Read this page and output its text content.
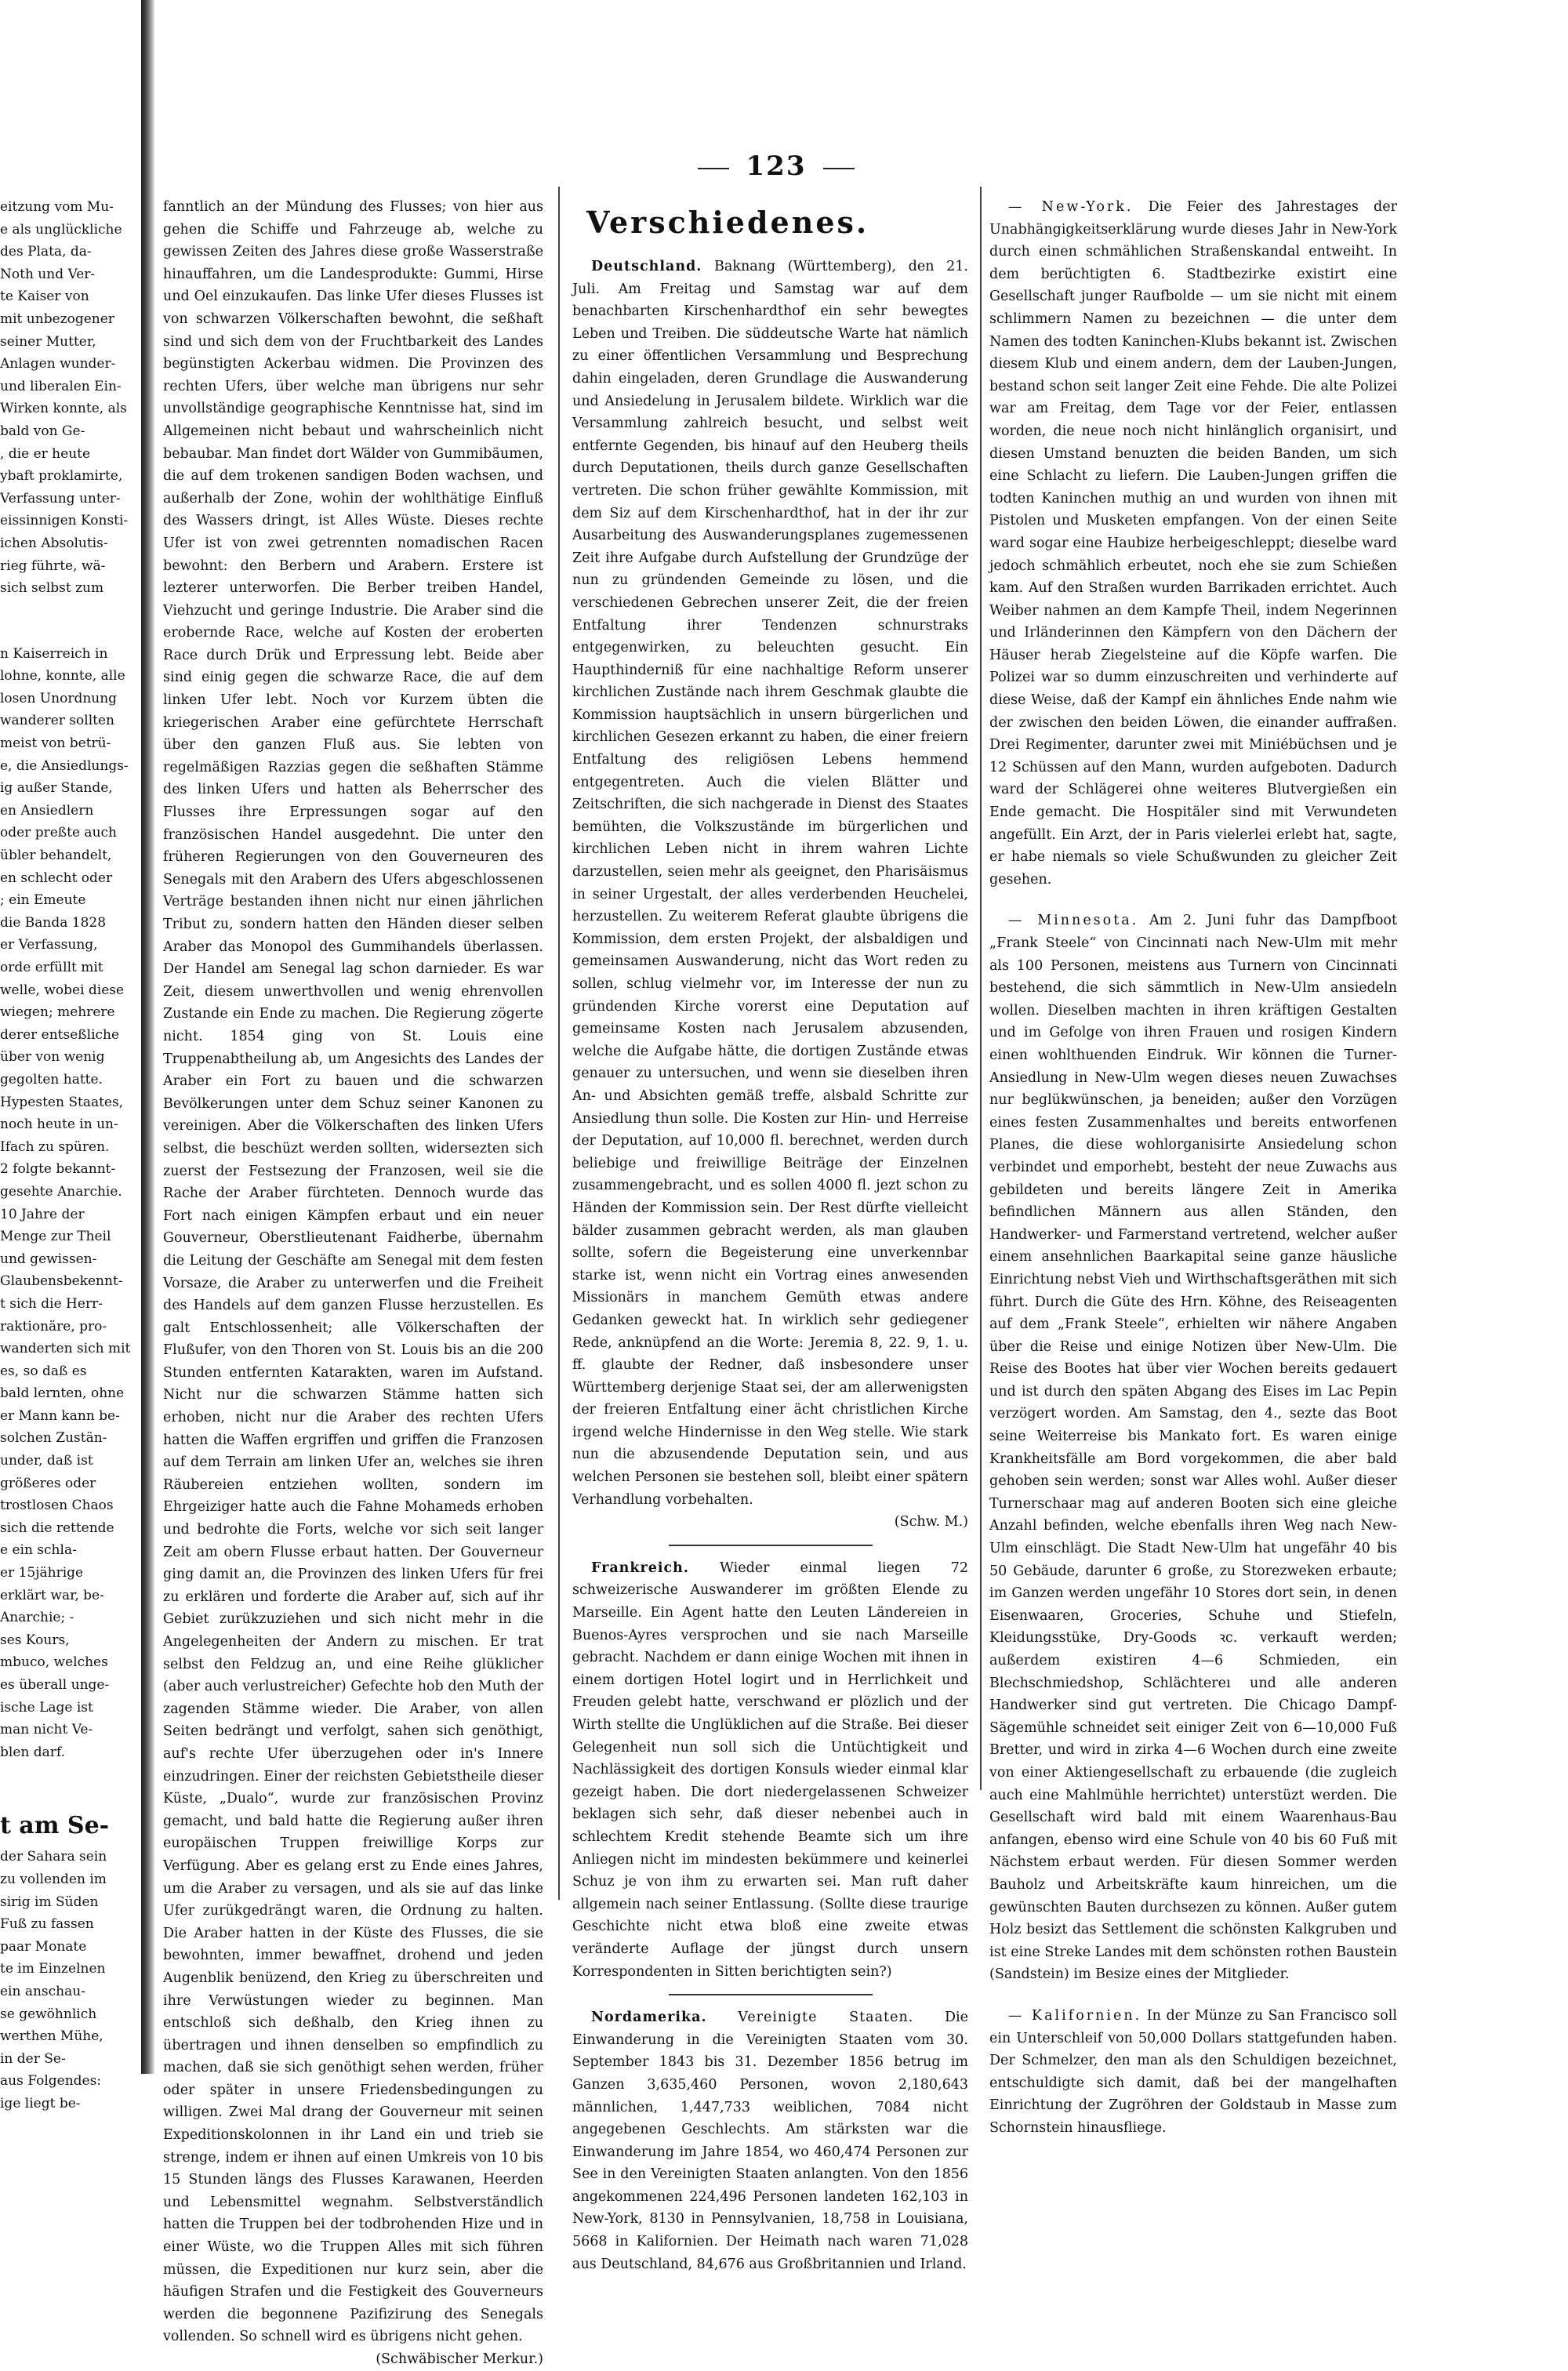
123
eitzung vom Mu-
e als unglückliche
des Plata, da-
Noth und Ver-
te Kaiser von
mit unbezogener
seiner Mutter,
Anlagen wunder-
und liberalen Ein-
Wirken konnte, als
bald von Ge-
, die er heute
ybaft proklamirte,
Verfassung unter-
eissinnigen Konsti-
ichen Absolutis-
rieg führte, wä-
sich selbst zum
n Kaiserreich in
lohne, konnte, alle
losen Unordnung
wanderer sollten
meist von betrü-
e, die Ansiedlungs-
ig außer Stande,
en Ansiedlern
oder preßte auch
übler behandelt,
en schlecht oder
; ein Emeute
die Banda 1828
er Verfassung,
orde erfüllt mit
welle, wobei diese
wiegen; mehrere
derer entseßliche
über von wenig
gegolten hatte.
Hypesten Staates,
noch heute in un-
Ifach zu spüren.
2 folgte bekannt-
gesehte Anarchie.
10 Jahre der
Menge zur Theil
und gewissen-
Glaubensbekennt-
t sich die Herr-
raktionäre, pro-
wanderten sich mit
es, so daß es
bald lernten, ohne
er Mann kann be-
solchen Zustän-
under, daß ist
größeres oder
trostlosen Chaos
sich die rettende
e ein schla-
er 15jährige
erklärt war, be-
Anarchie; -
ses Kours,
mbuco, welches
es überall unge-
ische Lage ist
man nicht Ve-
blen darf.
t am Se-
der Sahara sein
zu vollenden im
sirig im Süden
Fuß zu fassen
paar Monate
te im Einzelnen
ein anschau-
se gewöhnlich
werthen Mühe,
in der Se-
aus Folgendes:
ige liegt be-

fanntlich an der Mündung des Flusses; von hier aus gehen die Schiffe und Fahrzeuge ab, welche zu gewissen Zeiten des Jahres diese große Wasserstraße hinauffahren, um die Landesprodukte: Gummi, Hirse und Oel einzukaufen. Das linke Ufer dieses Flusses ist von schwarzen Völkerschaften bewohnt, die seßhaft sind und sich dem von der Fruchtbarkeit des Landes begünstigten Ackerbau widmen. Die Provinzen des rechten Ufers, über welche man übrigens nur sehr unvollständige geographische Kenntnisse hat, sind im Allgemeinen nicht bebaut und wahrscheinlich nicht bebaubar. Man findet dort Wälder von Gummibäumen, die auf dem trokenen sandigen Boden wachsen, und außerhalb der Zone, wohin der wohlthätige Einfluß des Wassers dringt, ist Alles Wüste. Dieses rechte Ufer ist von zwei getrennten nomadischen Racen bewohnt: den Berbern und Arabern. Erstere ist lezterer unterworfen. Die Berber treiben Handel, Viehzucht und geringe Industrie. Die Araber sind die erobernde Race, welche auf Kosten der eroberten Race durch Drük und Erpressung lebt. Beide aber sind einig gegen die schwarze Race, die auf dem linken Ufer lebt. Noch vor Kurzem übten die kriegerischen Araber eine gefürchtete Herrschaft über den ganzen Fluß aus. Sie lebten von regelmäßigen Razzias gegen die seßhaften Stämme des linken Ufers und hatten als Beherrscher des Flusses ihre Erpressungen sogar auf den französischen Handel ausgedehnt. Die unter den früheren Regierungen von den Gouverneuren des Senegals mit den Arabern des Ufers abgeschlossenen Verträge bestanden ihnen nicht nur einen jährlichen Tribut zu, sondern hatten den Händen dieser selben Araber das Monopol des Gummihandels überlassen. Der Handel am Senegal lag schon darnieder. Es war Zeit, diesem unwerthvollen und wenig ehrenvollen Zustande ein Ende zu machen. Die Regierung zögerte nicht. 1854 ging von St. Louis eine Truppenabtheilung ab, um Angesichts des Landes der Araber ein Fort zu bauen und die schwarzen Bevölkerungen unter dem Schuz seiner Kanonen zu vereinigen. Aber die Völkerschaften des linken Ufers selbst, die beschüzt werden sollten, widersezten sich zuerst der Festsezung der Franzosen, weil sie die Rache der Araber fürchteten. Dennoch wurde das Fort nach einigen Kämpfen erbaut und ein neuer Gouverneur, Oberstlieutenant Faidherbe, übernahm die Leitung der Geschäfte am Senegal mit dem festen Vorsaze, die Araber zu unterwerfen und die Freiheit des Handels auf dem ganzen Flusse herzustellen. Es galt Entschlossenheit; alle Völkerschaften der Flußufer, von den Thoren von St. Louis bis an die 200 Stunden entfernten Katarakten, waren im Aufstand. Nicht nur die schwarzen Stämme hatten sich erhoben, nicht nur die Araber des rechten Ufers hatten die Waffen ergriffen und griffen die Franzosen auf dem Terrain am linken Ufer an, welches sie ihren Räubereien entziehen wollten, sondern im Ehrgeiziger hatte auch die Fahne Mohameds erhoben und bedrohte die Forts, welche vor sich seit langer Zeit am obern Flusse erbaut hatten. Der Gouverneur ging damit an, die Provinzen des linken Ufers für frei zu erklären und forderte die Araber auf, sich auf ihr Gebiet zurükzuziehen und sich nicht mehr in die Angelegenheiten der Andern zu mischen. Er trat selbst den Feldzug an, und eine Reihe glüklicher (aber auch verlustreicher) Gefechte hob den Muth der zagenden Stämme wieder. Die Araber, von allen Seiten bedrängt und verfolgt, sahen sich genöthigt, auf's rechte Ufer überzugehen oder in's Innere einzudringen. Einer der reichsten Gebietstheile dieser Küste, „Dualo“, wurde zur französischen Provinz gemacht, und bald hatte die Regierung außer ihren europäischen Truppen freiwillige Korps zur Verfügung. Aber es gelang erst zu Ende eines Jahres, um die Araber zu versagen, und als sie auf das linke Ufer zurükgedrängt waren, die Ordnung zu halten. Die Araber hatten in der Küste des Flusses, die sie bewohnten, immer bewaffnet, drohend und jeden Augenblik benüzend, den Krieg zu überschreiten und ihre Verwüstungen wieder zu beginnen. Man entschloß sich deßhalb, den Krieg ihnen zu übertragen und ihnen denselben so empfindlich zu machen, daß sie sich genöthigt sehen werden, früher oder später in unsere Friedensbedingungen zu willigen. Zwei Mal drang der Gouverneur mit seinen Expeditionskolonnen in ihr Land ein und trieb sie strenge, indem er ihnen auf einen Umkreis von 10 bis 15 Stunden längs des Flusses Karawanen, Heerden und Lebensmittel wegnahm. Selbstverständlich hatten die Truppen bei der todbrohenden Hize und in einer Wüste, wo die Truppen Alles mit sich führen müssen, die Expeditionen nur kurz sein, aber die häufigen Strafen und die Festigkeit des Gouverneurs werden die begonnene Pazifizirung des Senegals vollenden. So schnell wird es übrigens nicht gehen.

(Schwäbischer Merkur.)

Verschiedenes.

Deutschland. Baknang (Württemberg), den 21. Juli. Am Freitag und Samstag war auf dem benachbarten Kirschenhardthof ein sehr bewegtes Leben und Treiben. Die süddeutsche Warte hat nämlich zu einer öffentlichen Versammlung und Besprechung dahin eingeladen, deren Grundlage die Auswanderung und Ansiedelung in Jerusalem bildete. Wirklich war die Versammlung zahlreich besucht, und selbst weit entfernte Gegenden, bis hinauf auf den Heuberg theils durch Deputationen, theils durch ganze Gesellschaften vertreten. Die schon früher gewählte Kommission, mit dem Siz auf dem Kirschenhardthof, hat in der ihr zur Ausarbeitung des Auswanderungsplanes zugemessenen Zeit ihre Aufgabe durch Aufstellung der Grundzüge der nun zu gründenden Gemeinde zu lösen, und die verschiedenen Gebrechen unserer Zeit, die der freien Entfaltung ihrer Tendenzen schnurstraks entgegenwirken, zu beleuchten gesucht. Ein Haupthinderniß für eine nachhaltige Reform unserer kirchlichen Zustände nach ihrem Geschmak glaubte die Kommission hauptsächlich in unsern bürgerlichen und kirchlichen Gesezen erkannt zu haben, die einer freiern Entfaltung des religiösen Lebens hemmend entgegentreten. Auch die vielen Blätter und Zeitschriften, die sich nachgerade in Dienst des Staates bemühten, die Volkszustände im bürgerlichen und kirchlichen Leben nicht in ihrem wahren Lichte darzustellen, seien mehr als geeignet, den Pharisäismus in seiner Urgestalt, der alles verderbenden Heuchelei, herzustellen. Zu weiterem Referat glaubte übrigens die Kommission, dem ersten Projekt, der alsbaldigen und gemeinsamen Auswanderung, nicht das Wort reden zu sollen, schlug vielmehr vor, im Interesse der nun zu gründenden Kirche vorerst eine Deputation auf gemeinsame Kosten nach Jerusalem abzusenden, welche die Aufgabe hätte, die dortigen Zustände etwas genauer zu untersuchen, und wenn sie dieselben ihren An- und Absichten gemäß treffe, alsbald Schritte zur Ansiedlung thun solle. Die Kosten zur Hin- und Herreise der Deputation, auf 10,000 fl. berechnet, werden durch beliebige und freiwillige Beiträge der Einzelnen zusammengebracht, und es sollen 4000 fl. jezt schon zu Händen der Kommission sein. Der Rest dürfte vielleicht bälder zusammen gebracht werden, als man glauben sollte, sofern die Begeisterung eine unverkennbar starke ist, wenn nicht ein Vortrag eines anwesenden Missionärs in manchem Gemüth etwas andere Gedanken geweckt hat. In wirklich sehr gediegener Rede, anknüpfend an die Worte: Jeremia 8, 22. 9, 1. u. ff. glaubte der Redner, daß insbesondere unser Württemberg derjenige Staat sei, der am allerwenigsten der freieren Entfaltung einer ächt christlichen Kirche irgend welche Hindernisse in den Weg stelle. Wie stark nun die abzusendende Deputation sein, und aus welchen Personen sie bestehen soll, bleibt einer spätern Verhandlung vorbehalten.

(Schw. M.)

Frankreich. Wieder einmal liegen 72 schweizerische Auswanderer im größten Elende zu Marseille. Ein Agent hatte den Leuten Ländereien in Buenos-Ayres versprochen und sie nach Marseille gebracht. Nachdem er dann einige Wochen mit ihnen in einem dortigen Hotel logirt und in Herrlichkeit und Freuden gelebt hatte, verschwand er plözlich und der Wirth stellte die Unglüklichen auf die Straße. Bei dieser Gelegenheit nun soll sich die Untüchtigkeit und Nachlässigkeit des dortigen Konsuls wieder einmal klar gezeigt haben. Die dort niedergelassenen Schweizer beklagen sich sehr, daß dieser nebenbei auch in schlechtem Kredit stehende Beamte sich um ihre Anliegen nicht im mindesten bekümmere und keinerlei Schuz je von ihm zu erwarten sei. Man ruft daher allgemein nach seiner Entlassung. (Sollte diese traurige Geschichte nicht etwa bloß eine zweite etwas veränderte Auflage der jüngst durch unsern Korrespondenten in Sitten berichtigten sein?)

Nordamerika. Vereinigte Staaten. Die Einwanderung in die Vereinigten Staaten vom 30. September 1843 bis 31. Dezember 1856 betrug im Ganzen 3,635,460 Personen, wovon 2,180,643 männlichen, 1,447,733 weiblichen, 7084 nicht angegebenen Geschlechts. Am stärksten war die Einwanderung im Jahre 1854, wo 460,474 Personen zur See in den Vereinigten Staaten anlangten. Von den 1856 angekommenen 224,496 Personen landeten 162,103 in New-York, 8130 in Pennsylvanien, 18,758 in Louisiana, 5668 in Kalifornien. Der Heimath nach waren 71,028 aus Deutschland, 84,676 aus Großbritannien und Irland.

— New-York. Die Feier des Jahrestages der Unabhängigkeitserklärung wurde dieses Jahr in New-York durch einen schmählichen Straßenskandal entweiht. In dem berüchtigten 6. Stadtbezirke existirt eine Gesellschaft junger Raufbolde — um sie nicht mit einem schlimmern Namen zu bezeichnen — die unter dem Namen des todten Kaninchen-Klubs bekannt ist. Zwischen diesem Klub und einem andern, dem der Lauben-Jungen, bestand schon seit langer Zeit eine Fehde. Die alte Polizei war am Freitag, dem Tage vor der Feier, entlassen worden, die neue noch nicht hinlänglich organisirt, und diesen Umstand benuzten die beiden Banden, um sich eine Schlacht zu liefern. Die Lauben-Jungen griffen die todten Kaninchen muthig an und wurden von ihnen mit Pistolen und Musketen empfangen. Von der einen Seite ward sogar eine Haubize herbeigeschleppt; dieselbe ward jedoch schmählich erbeutet, noch ehe sie zum Schießen kam. Auf den Straßen wurden Barrikaden errichtet. Auch Weiber nahmen an dem Kampfe Theil, indem Negerinnen und Irländerinnen den Kämpfern von den Dächern der Häuser herab Ziegelsteine auf die Köpfe warfen. Die Polizei war so dumm einzuschreiten und verhinderte auf diese Weise, daß der Kampf ein ähnliches Ende nahm wie der zwischen den beiden Löwen, die einander auffraßen. Drei Regimenter, darunter zwei mit Miniébüchsen und je 12 Schüssen auf den Mann, wurden aufgeboten. Dadurch ward der Schlägerei ohne weiteres Blutvergießen ein Ende gemacht. Die Hospitäler sind mit Verwundeten angefüllt. Ein Arzt, der in Paris vielerlei erlebt hat, sagte, er habe niemals so viele Schußwunden zu gleicher Zeit gesehen.

— Minnesota. Am 2. Juni fuhr das Dampfboot „Frank Steele“ von Cincinnati nach New-Ulm mit mehr als 100 Personen, meistens aus Turnern von Cincinnati bestehend, die sich sämmtlich in New-Ulm ansiedeln wollen. Dieselben machten in ihren kräftigen Gestalten und im Gefolge von ihren Frauen und rosigen Kindern einen wohlthuenden Eindruk. Wir können die Turner-Ansiedlung in New-Ulm wegen dieses neuen Zuwachses nur beglükwünschen, ja beneiden; außer den Vorzügen eines festen Zusammenhaltes und bereits entworfenen Planes, die diese wohlorganisirte Ansiedelung schon verbindet und emporhebt, besteht der neue Zuwachs aus gebildeten und bereits längere Zeit in Amerika befindlichen Männern aus allen Ständen, den Handwerker- und Farmerstand vertretend, welcher außer einem ansehnlichen Baarkapital seine ganze häusliche Einrichtung nebst Vieh und Wirthschaftsgeräthen mit sich führt. Durch die Güte des Hrn. Köhne, des Reiseagenten auf dem „Frank Steele“, erhielten wir nähere Angaben über die Reise und einige Notizen über New-Ulm. Die Reise des Bootes hat über vier Wochen bereits gedauert und ist durch den späten Abgang des Eises im Lac Pepin verzögert worden. Am Samstag, den 4., sezte das Boot seine Weiterreise bis Mankato fort. Es waren einige Krankheitsfälle am Bord vorgekommen, die aber bald gehoben sein werden; sonst war Alles wohl. Außer dieser Turnerschaar mag auf anderen Booten sich eine gleiche Anzahl befinden, welche ebenfalls ihren Weg nach New-Ulm einschlägt. Die Stadt New-Ulm hat ungefähr 40 bis 50 Gebäude, darunter 6 große, zu Storezweken erbaute; im Ganzen werden ungefähr 10 Stores dort sein, in denen Eisenwaaren, Groceries, Schuhe und Stiefeln, Kleidungsstüke, Dry-Goods ꝛc. verkauft werden; außerdem existiren 4—6 Schmieden, ein Blechschmiedshop, Schlächtereı und alle anderen Handwerker sind gut vertreten. Die Chicago Dampf-Sägemühle schneidet seit einiger Zeit von 6—10,000 Fuß Bretter, und wird in zirka 4—6 Wochen durch eine zweite von einer Aktiengesellschaft zu erbauende (die zugleich auch eine Mahlmühle herrichtet) unterstüzt werden. Die Gesellschaft wird bald mit einem Waarenhaus-Bau anfangen, ebenso wird eine Schule von 40 bis 60 Fuß mit Nächstem erbaut werden. Für diesen Sommer werden Bauholz und Arbeitskräfte kaum hinreichen, um die gewünschten Bauten durchsezen zu können. Außer gutem Holz besizt das Settlement die schönsten Kalkgruben und ist eine Streke Landes mit dem schönsten rothen Baustein (Sandstein) im Besize eines der Mitglieder.

— Kalifornien. In der Münze zu San Francisco soll ein Unterschleif von 50,000 Dollars stattgefunden haben. Der Schmelzer, den man als den Schuldigen bezeichnet, entschuldigte sich damit, daß bei der mangelhaften Einrichtung der Zugröhren der Goldstaub in Masse zum Schornstein hinausfliege.
